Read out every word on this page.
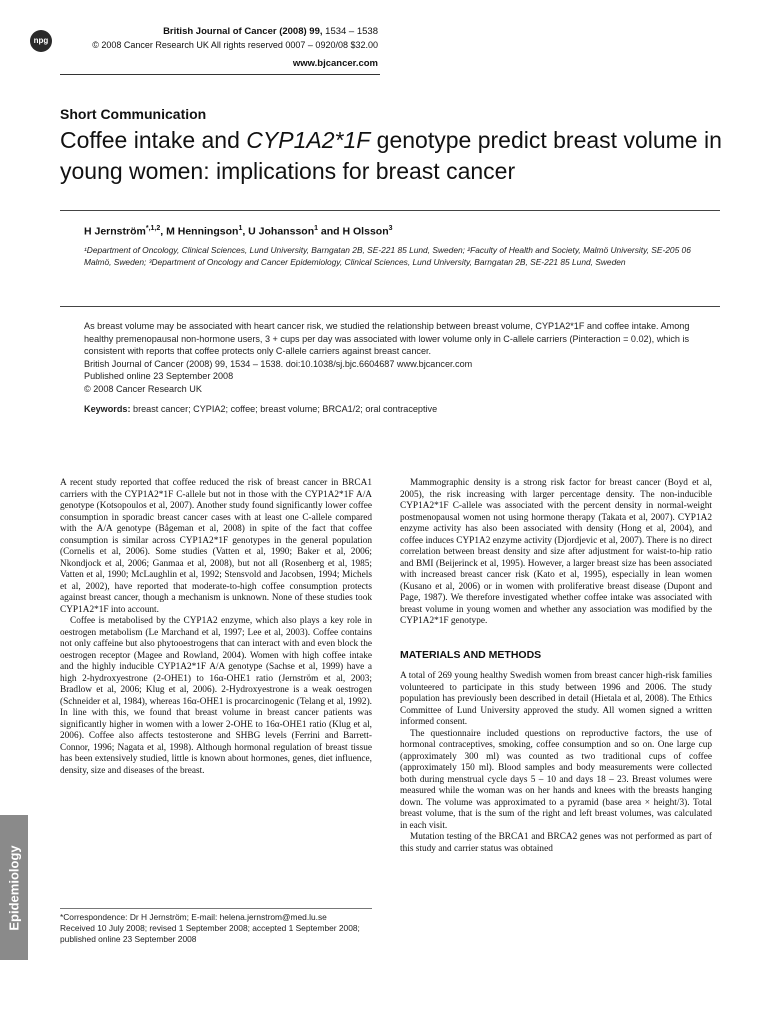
npg
British Journal of Cancer (2008) 99, 1534 – 1538
© 2008 Cancer Research UK All rights reserved 0007 – 0920/08 $32.00
www.bjcancer.com
Short Communication
Coffee intake and CYP1A2*1F genotype predict breast volume in young women: implications for breast cancer
H Jernström$^{*,1,2}$, M Henningson$^1$, U Johansson$^1$ and H Olsson$^3$
¹Department of Oncology, Clinical Sciences, Lund University, Barngatan 2B, SE-221 85 Lund, Sweden; ²Faculty of Health and Society, Malmö University, SE-205 06 Malmö, Sweden; ³Department of Oncology and Cancer Epidemiology, Clinical Sciences, Lund University, Barngatan 2B, SE-221 85 Lund, Sweden

As breast volume may be associated with heart cancer risk, we studied the relationship between breast volume, CYP1A2*1F and coffee intake. Among healthy premenopausal non-hormone users, 3 + cups per day was associated with lower volume only in C-allele carriers (Pinteraction = 0.02), which is consistent with reports that coffee protects only C-allele carriers against breast cancer.

British Journal of Cancer (2008) 99, 1534 – 1538. doi:10.1038/sj.bjc.6604687 www.bjcancer.com

Published online 23 September 2008

© 2008 Cancer Research UK

Keywords: breast cancer; CYPIA2; coffee; breast volume; BRCA1/2; oral contraceptive

A recent study reported that coffee reduced the risk of breast cancer in BRCA1 carriers with the CYP1A2*1F C-allele but not in those with the CYP1A2*1F A/A genotype (Kotsopoulos et al, 2007). Another study found significantly lower coffee consumption in sporadic breast cancer cases with at least one C-allele compared with the A/A genotype (Bågeman et al, 2008) in spite of the fact that coffee consumption is similar across CYP1A2*1F genotypes in the general population (Cornelis et al, 2006). Some studies (Vatten et al, 1990; Baker et al, 2006; Nkondjock et al, 2006; Ganmaa et al, 2008), but not all (Rosenberg et al, 1985; Vatten et al, 1990; McLaughlin et al, 1992; Stensvold and Jacobsen, 1994; Michels et al, 2002), have reported that moderate-to-high coffee consumption protects against breast cancer, though a mechanism is unknown. None of these studies took CYP1A2*1F into account.

Coffee is metabolised by the CYP1A2 enzyme, which also plays a key role in oestrogen metabolism (Le Marchand et al, 1997; Lee et al, 2003). Coffee contains not only caffeine but also phytooestrogens that can interact with and even block the oestrogen receptor (Magee and Rowland, 2004). Women with high coffee intake and the highly inducible CYP1A2*1F A/A genotype (Sachse et al, 1999) have a high 2-hydroxyestrone (2-OHE1) to 16α-OHE1 ratio (Jernström et al, 2003; Bradlow et al, 2006; Klug et al, 2006). 2-Hydroxyestrone is a weak oestrogen (Schneider et al, 1984), whereas 16α-OHE1 is procarcinogenic (Telang et al, 1992). In line with this, we found that breast volume in breast cancer patients was significantly higher in women with a lower 2-OHE to 16α-OHE1 ratio (Klug et al, 2006). Coffee also affects testosterone and SHBG levels (Ferrini and Barrett-Connor, 1996; Nagata et al, 1998). Although hormonal regulation of breast tissue has been extensively studied, little is known about hormones, genes, diet influence, density, size and diseases of the breast.

Mammographic density is a strong risk factor for breast cancer (Boyd et al, 2005), the risk increasing with larger percentage density. The non-inducible CYP1A2*1F C-allele was associated with the percent density in normal-weight postmenopausal women not using hormone therapy (Takata et al, 2007). CYP1A2 enzyme activity has also been associated with density (Hong et al, 2004), and coffee induces CYP1A2 enzyme activity (Djordjevic et al, 2007). There is no direct correlation between breast density and size after adjustment for waist-to-hip ratio and BMI (Beijerinck et al, 1995). However, a larger breast size has been associated with increased breast cancer risk (Kato et al, 1995), especially in lean women (Kusano et al, 2006) or in women with proliferative breast disease (Dupont and Page, 1987). We therefore investigated whether coffee intake was associated with breast volume in young women and whether any association was modified by the CYP1A2*1F genotype.

MATERIALS AND METHODS

A total of 269 young healthy Swedish women from breast cancer high-risk families volunteered to participate in this study between 1996 and 2006. The study population has previously been described in detail (Hietala et al, 2008). The Ethics Committee of Lund University approved the study. All women signed a written informed consent.

The questionnaire included questions on reproductive factors, the use of hormonal contraceptives, smoking, coffee consumption and so on. One large cup (approximately 300 ml) was counted as two traditional cups of coffee (approximately 150 ml). Blood samples and body measurements were collected both during menstrual cycle days 5 – 10 and days 18 – 23. Breast volumes were measured while the woman was on her hands and knees with the breasts hanging down. The volume was approximated to a pyramid (base area × height/3). Total breast volume, that is the sum of the right and left breast volumes, was calculated in each visit.

Mutation testing of the BRCA1 and BRCA2 genes was not performed as part of this study and carrier status was obtained

*Correspondence: Dr H Jernström; E-mail: helena.jernstrom@med.lu.se
Received 10 July 2008; revised 1 September 2008; accepted 1 September 2008; published online 23 September 2008
Epidemiology
